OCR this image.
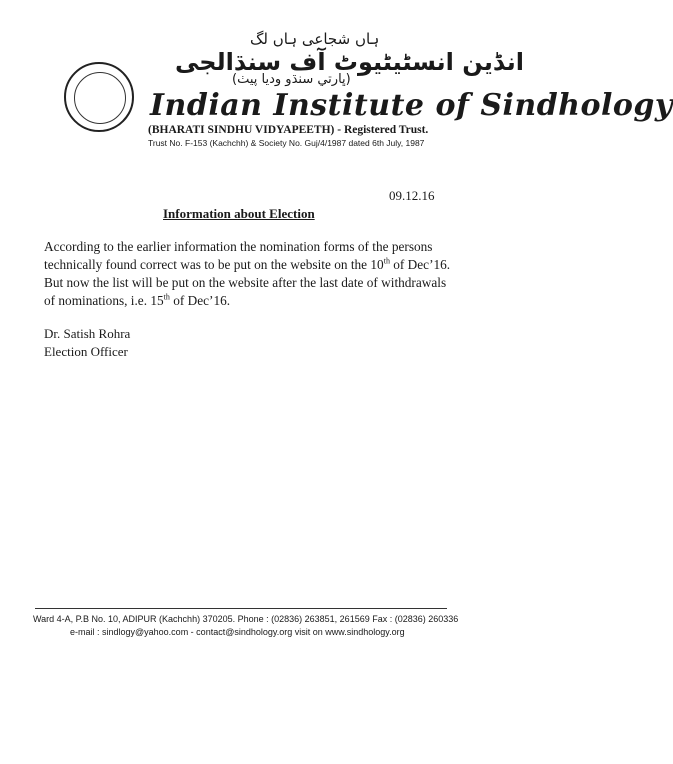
ہاں شجاعی ہاں لگ
انڈین انسٹیٹیوٹ آف سنڌالجی
(ڀارتي سنڌو وديا پيٺ)
Indian Institute of Sindhology
(BHARATI SINDHU VIDYAPEETH) - Registered Trust.
Trust No. F-153 (Kachchh) & Society No. Guj/4/1987 dated 6th July, 1987
09.12.16
Information about Election

According to the earlier information the nomination forms of the persons

technically found correct was to be put on the website on the 10th of Dec’16.

But now the list will be put on the website after the last date of withdrawals

of nominations, i.e. 15th of Dec’16.

Dr. Satish Rohra
Election Officer
Ward 4-A, P.B No. 10, ADIPUR (Kachchh) 370205. Phone : (02836) 263851, 261569 Fax : (02836) 260336
e-mail : sindlogy@yahoo.com - contact@sindhology.org visit on www.sindhology.org
